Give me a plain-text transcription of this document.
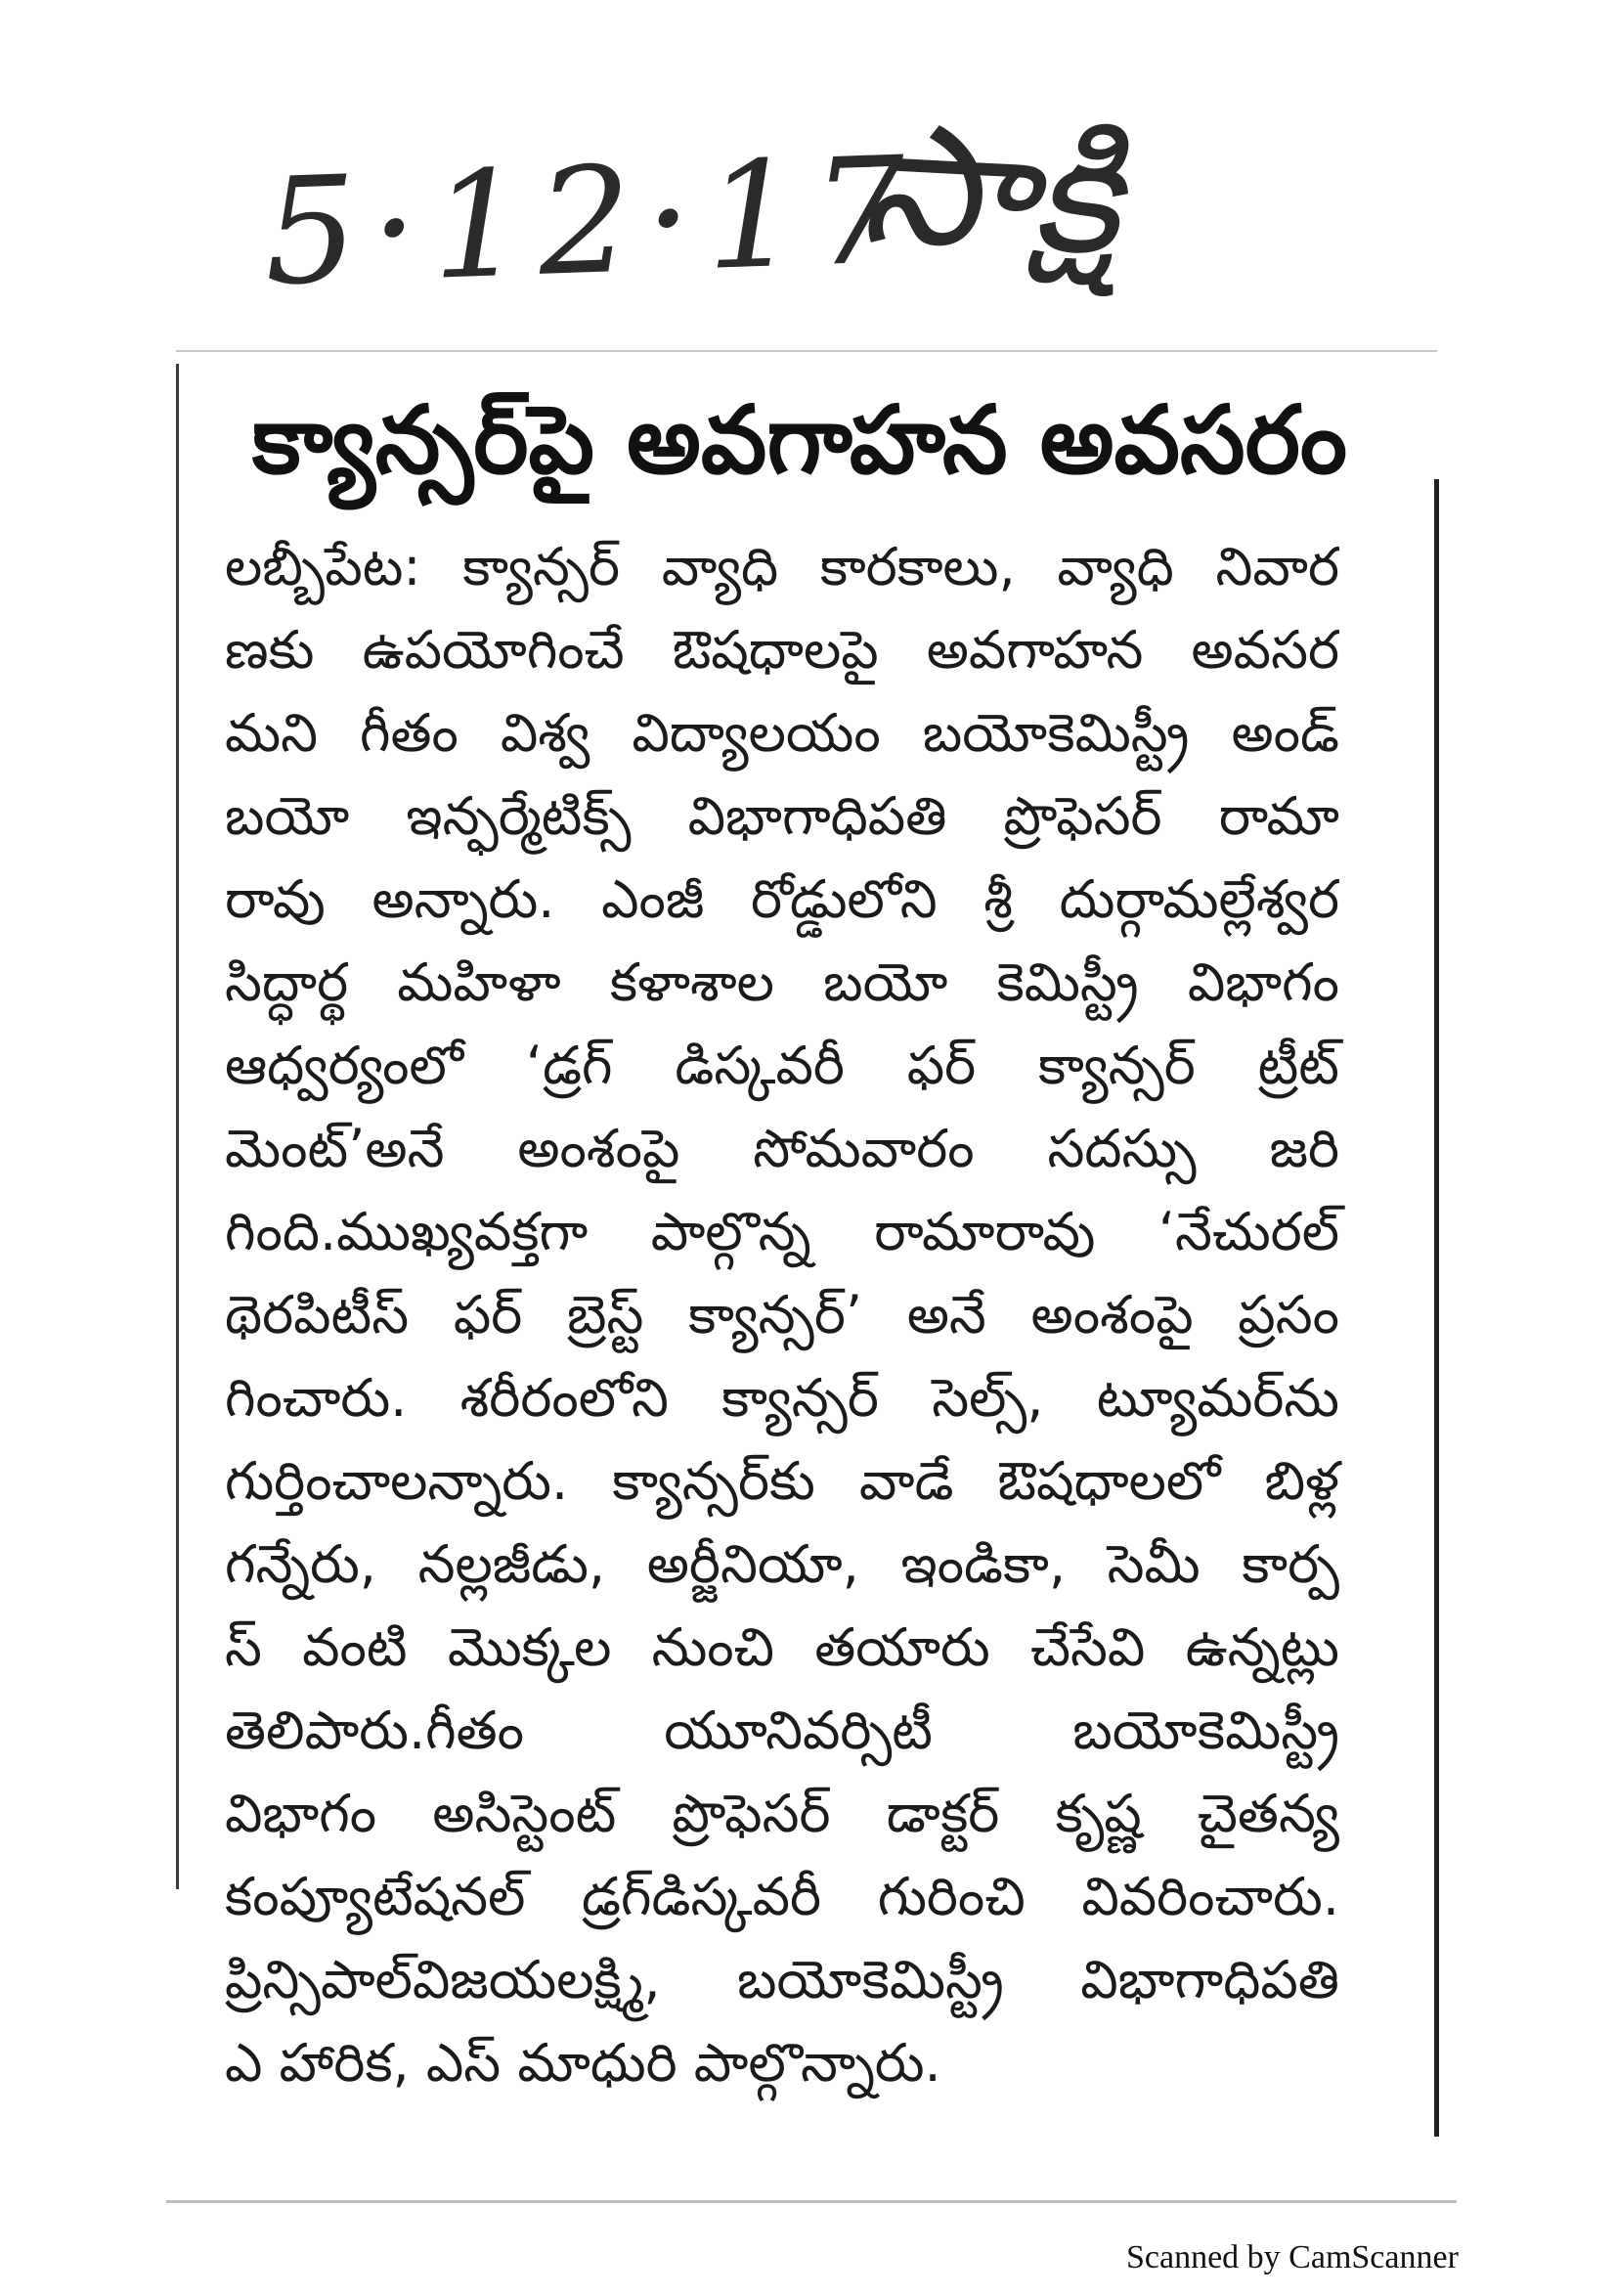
5·12·17
సాక్షి
క్యాన్సర్‌పై అవగాహన అవసరం
లబ్బీపేట: క్యాన్సర్ వ్యాధి కారకాలు, వ్యాధి నివార
ణకు ఉపయోగించే ఔషధాలపై అవగాహన అవసర
మని గీతం విశ్వ విద్యాలయం బయోకెమిస్ట్రీ అండ్
బయో ఇన్ఫర్మేటిక్స్ విభాగాధిపతి ప్రొఫెసర్ రామా
రావు అన్నారు. ఎంజీ రోడ్డులోని శ్రీ దుర్గామల్లేశ్వర
సిద్ధార్థ మహిళా కళాశాల బయో కెమిస్ట్రీ విభాగం
ఆధ్వర్యంలో ‘డ్రగ్ డిస్కవరీ ఫర్ క్యాన్సర్ ట్రీట్
మెంట్’అనే అంశంపై సోమవారం సదస్సు జరి
గింది.ముఖ్యవక్తగా పాల్గొన్న రామారావు ‘నేచురల్
థెరపిటీస్ ఫర్ బ్రెస్ట్ క్యాన్సర్’ అనే అంశంపై ప్రసం
గించారు. శరీరంలోని క్యాన్సర్ సెల్స్, ట్యూమర్‌ను
గుర్తించాలన్నారు. క్యాన్సర్‌కు వాడే ఔషధాలలో బిళ్ల
గన్నేరు, నల్లజీడు, అర్జీనియా, ఇండికా, సెమీ కార్ప
స్ వంటి మొక్కల నుంచి తయారు చేసేవి ఉన్నట్లు
తెలిపారు.గీతం యూనివర్సిటీ బయోకెమిస్ట్రీ
విభాగం అసిస్టెంట్ ప్రొఫెసర్ డాక్టర్ కృష్ణ చైతన్య
కంప్యూటేషనల్ డ్రగ్‌డిస్కవరీ గురించి వివరించారు.
ప్రిన్సిపాల్‌విజయలక్ష్మి, బయోకెమిస్ట్రీ విభాగాధిపతి
ఎ హారిక, ఎస్ మాధురి పాల్గొన్నారు.
Scanned by CamScanner
